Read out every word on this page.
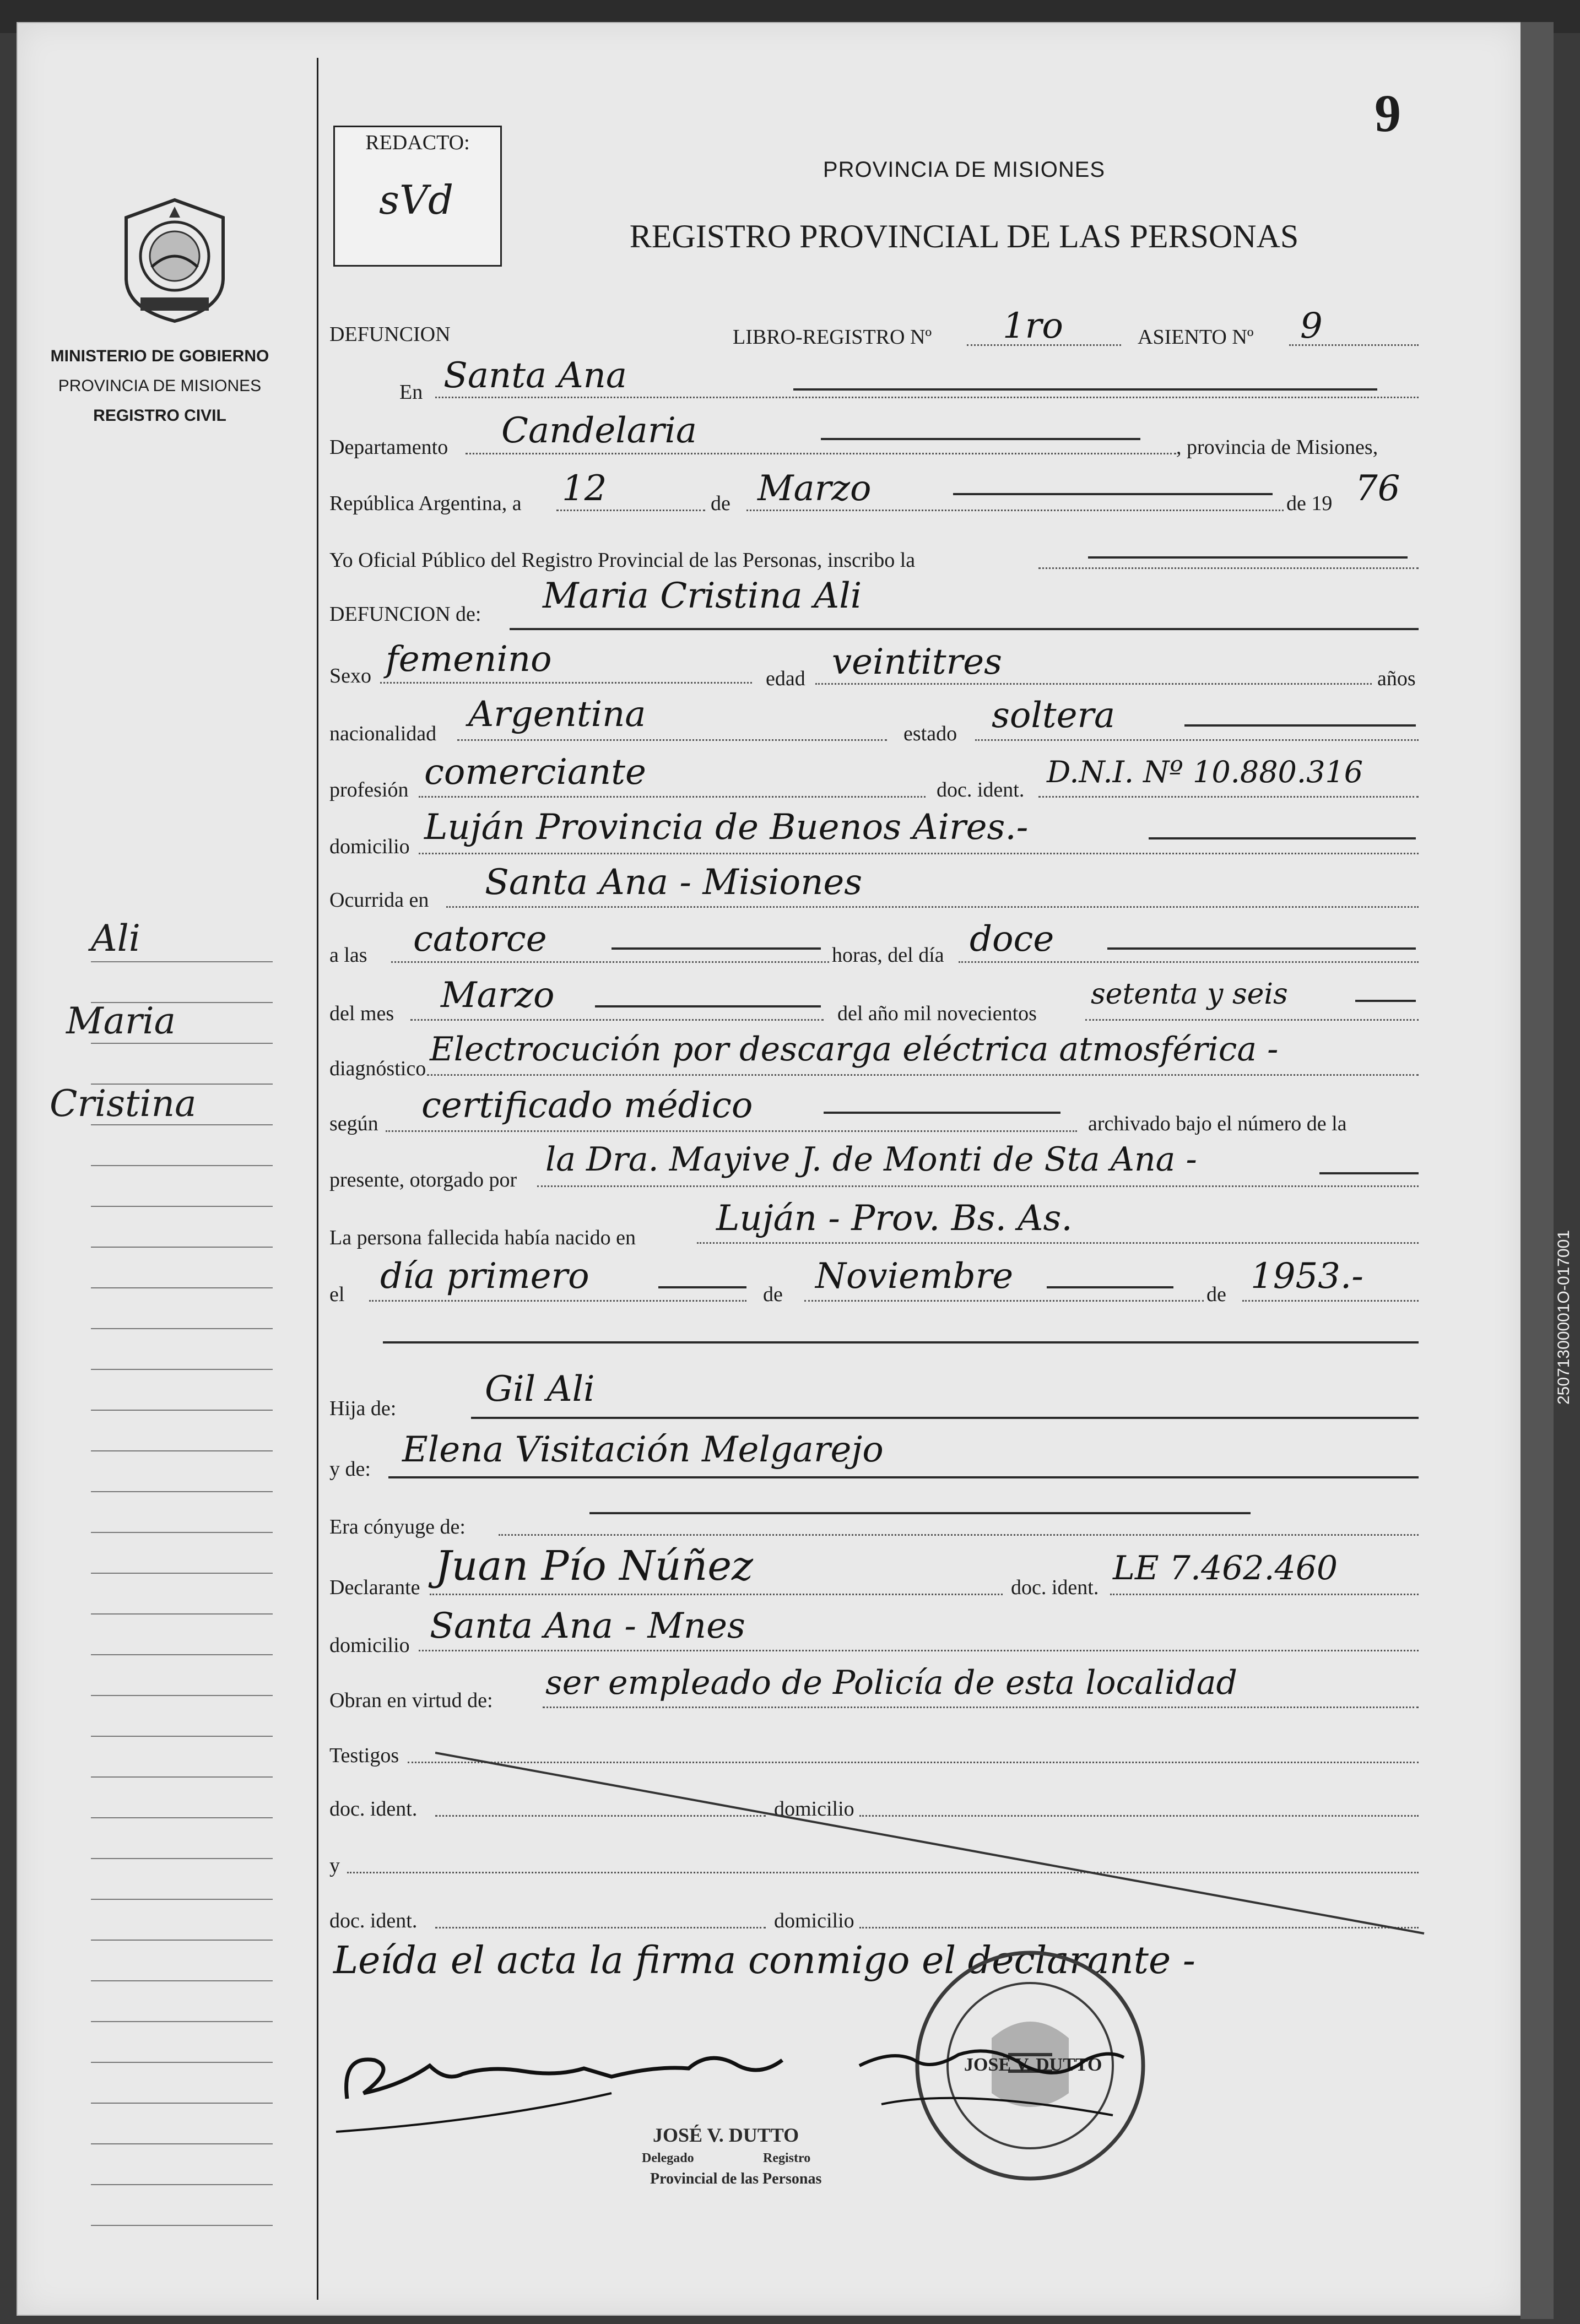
25071300001O-017001
9
REDACTO:
sVd
PROVINCIA DE MISIONES
REGISTRO PROVINCIAL DE LAS PERSONAS
MINISTERIO DE GOBIERNO
PROVINCIA DE MISIONES
REGISTRO CIVIL
Ali
Maria
Cristina
DEFUNCION	LIBRO-REGISTRO Nº 1ro	ASIENTO Nº 9
En Santa Ana
Departamento Candelaria	, provincia de Misiones,
República Argentina, a 12	de Marzo	de 19 76
Yo Oficial Público del Registro Provincial de las Personas, inscribo la
DEFUNCION de: Maria Cristina Ali
Sexo femenino	edad veintitres	años
nacionalidad Argentina	estado soltera
profesión comerciante	doc. ident.
D.N.I. Nº 10.880.316
domicilio Luján Provincia de Buenos Aires.-
Ocurrida en Santa Ana - Misiones
a las catorce	horas, del día doce
del mes Marzo	del año mil novecientos
setenta y seis
diagnóstico Electrocución por descarga eléctrica atmosférica -
según certificado médico	archivado bajo el número de la
presente, otorgado por
la Dra. Mayive J. de Monti de Sta Ana -
La persona fallecida había nacido en Luján - Prov. Bs. As.
el día primero	de Noviembre	de 1953.-
Hija de:	Gil Ali
y de: Elena Visitación Melgarejo
Era cónyuge de:
Declarante Juan Pío Núñez	doc. ident. LE 7.462.460
domicilio Santa Ana - Mnes
Obran en virtud de: ser empleado de Policía de esta localidad
Testigos
doc. ident.	domicilio
y
doc. ident.	domicilio
Leída el acta la firma conmigo el declarante -
JOSÉ V. DUTTO
Delegado	Registro
Provincial de las Personas
JOSÉ V. DUTTO
